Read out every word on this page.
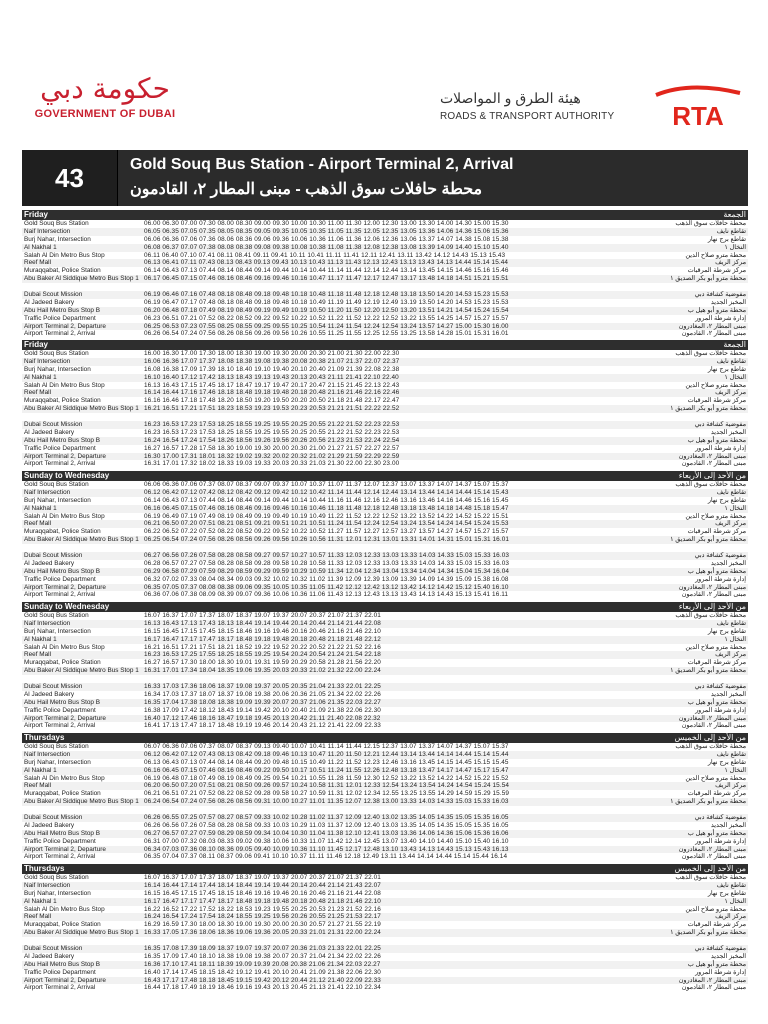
حكومة دبي
GOVERNMENT OF DUBAI
هيئة الطرق و المواصلات
ROADS & TRANSPORT AUTHORITY	RTA
43	Gold Souq Bus Station - Airport Terminal 2, Arrival
محطة حافلات سوق الذهب - مبنى المطار ٢، القادمون
Friday	الجمعة
Gold Souq Bus Station	06.00 06.30 07.00 07.30 08.00 08.30 09.00 09.30 10.00 10.30 11.00 11.30 12.00 12.30 13.00 13.30 14.00 14.30 15.00 15.30	محطة حافلات سوق الذهب
Naif Intersection	06.05 06.35 07.05 07.35 08.05 08.35 09.05 09.35 10.05 10.35 11.05 11.35 12.05 12.35 13.05 13.36 14.06 14.36 15.06 15.36	تقاطع نايف
Burj Nahar, Intersection	06.06 06.36 07.06 07.36 08.06 08.36 09.06 09.36 10.06 10.36 11.06 11.36 12.06 12.36 13.06 13.37 14.07 14.38 15.08 15.38	تقاطع برج نهار
Al Nakhal 1	06.08 06.37 07.07 07.38 08.08 08.38 09.08 09.38 10.08 10.38 11.08 11.38 12.08 12.38 13.08 13.39 14.09 14.40 15.10 15.40	النخال ١
Salah Al Din Metro Bus Stop	06.11 06.40 07.10 07.41 08.11 08.41 09.11 09.41 10.11 10.41 11.11 11.41 12.11 12.41 13.11 13.42 14.12 14.43 15.13 15.43	محطة مترو صلاح الدين
Reef Mall	06.13 06.41 07.11 07.43 08.13 08.43 09.13 09.43 10.13 10.43 11.13 11.43 12.13 12.43 13.13 13.43 14.13 14.44 15.14 15.44	مركز الريف
Muraqqabat, Police Station	06.14 06.43 07.13 07.44 08.14 08.44 09.14 09.44 10.14 10.44 11.14 11.44 12.14 12.44 13.14 13.45 14.15 14.46 15.16 15.46	مركز شرطة المرقبات
Abu Baker Al Siddique Metro Bus Stop 1 06.17 06.45 07.15 07.46 08.16 08.46 09.16 09.46 10.16 10.47 11.17 11.47 12.17 12.47 13.17 13.48 14.18 14.51 15.21 15.51	محطة مترو أبو بكر الصديق ١
Dubai Scout Mission	06.19 06.46 07.16 07.48 08.18 08.48 09.18 09.48 10.18 10.48 11.18 11.48 12.18 12.48 13.18 13.50 14.20 14.53 15.23 15.53	مفوضية كشافة دبي
Al Jadeed Bakery	06.19 06.47 07.17 07.48 08.18 08.48 09.18 09.48 10.18 10.49 11.19 11.49 12.19 12.49 13.19 13.50 14.20 14.53 15.23 15.53	المخبز الجديد
Abu Hail Metro Bus Stop B	06.20 06.48 07.18 07.49 08.19 08.49 09.19 09.49 10.19 10.50 11.20 11.50 12.20 12.50 13.20 13.51 14.21 14.54 15.24 15.54	محطة مترو أبو هيل ب
Traffic Police Department	06.23 06.51 07.21 07.52 08.22 08.52 09.22 09.52 10.22 10.52 11.22 11.52 12.22 12.52 13.22 13.55 14.25 14.57 15.27 15.57	إدارة شرطة المرور
Airport Terminal 2, Departure	06.25 06.53 07.23 07.55 08.25 08.55 09.25 09.55 10.25 10.54 11.24 11.54 12.24 12.54 13.24 13.57 14.27 15.00 15.30 16.00	مبنى المطار ٢، المغادرون
Airport Terminal 2, Arrival	06.26 06.54 07.24 07.56 08.26 08.56 09.26 09.56 10.26 10.55 11.25 11.55 12.25 12.55 13.25 13.58 14.28 15.01 15.31 16.01	مبنى المطار ٢، القادمون
Friday	الجمعة
Gold Souq Bus Station	16.00 16.30 17.00 17.30 18.00 18.30 19.00 19.30 20.00 20.30 21.00 21.30 22.00 22.30	محطة حافلات سوق الذهب
Naif Intersection	16.06 16.36 17.07 17.37 18.08 18.38 19.08 19.38 20.08 20.38 21.07 21.37 22.07 22.37	تقاطع نايف
Burj Nahar, Intersection	16.08 16.38 17.09 17.39 18.10 18.40 19.10 19.40 20.10 20.40 21.09 21.39 22.08 22.38	تقاطع برج نهار
Al Nakhal 1	16.10 16.40 17.12 17.42 18.13 18.43 19.13 19.43 20.13 20.43 21.11 21.41 22.10 22.40	النخال ١
Salah Al Din Metro Bus Stop	16.13 16.43 17.15 17.45 18.17 18.47 19.17 19.47 20.17 20.47 21.15 21.45 22.13 22.43	محطة مترو صلاح الدين
Reef Mall	16.14 16.44 17.16 17.46 18.18 18.48 19.18 19.48 20.18 20.48 21.16 21.46 22.16 22.46	مركز الريف
Muraqqabat, Police Station	16.16 16.46 17.18 17.48 18.20 18.50 19.20 19.50 20.20 20.50 21.18 21.48 22.17 22.47	مركز شرطة المرقبات
Abu Baker Al Siddique Metro Bus Stop 1 16.21 16.51 17.21 17.51 18.23 18.53 19.23 19.53 20.23 20.53 21.21 21.51 22.22 22.52	محطة مترو أبو بكر الصديق ١
Dubai Scout Mission	16.23 16.53 17.23 17.53 18.25 18.55 19.25 19.55 20.25 20.55 21.22 21.52 22.23 22.53	مفوضية كشافة دبي
Al Jadeed Bakery	16.23 16.53 17.23 17.53 18.25 18.55 19.25 19.55 20.25 20.55 21.22 21.52 22.23 22.53	المخبز الجديد
Abu Hail Metro Bus Stop B	16.24 16.54 17.24 17.54 18.26 18.56 19.26 19.56 20.26 20.56 21.23 21.53 22.24 22.54	محطة مترو أبو هيل ب
Traffic Police Department	16.27 16.57 17.28 17.58 18.30 19.00 19.30 20.00 20.30 21.00 21.27 21.57 22.27 22.57	إدارة شرطة المرور
Airport Terminal 2, Departure	16.30 17.00 17.31 18.01 18.32 19.02 19.32 20.02 20.32 21.02 21.29 21.59 22.29 22.59	مبنى المطار ٢، المغادرون
Airport Terminal 2, Arrival	16.31 17.01 17.32 18.02 18.33 19.03 19.33 20.03 20.33 21.03 21.30 22.00 22.30 23.00	مبنى المطار ٢، القادمون
Sunday to Wednesday	من الأحد إلى الأربعاء
Gold Souq Bus Station	06.06 06.36 07.06 07.37 08.07 08.37 09.07 09.37 10.07 10.37 11.07 11.37 12.07 12.37 13.07 13.37 14.07 14.37 15.07 15.37	محطة حافلات سوق الذهب
Naif Intersection	06.12 06.42 07.12 07.42 08.12 08.42 09.12 09.42 10.12 10.42 11.14 11.44 12.14 12.44 13.14 13.44 14.14 14.44 15.14 15.43	تقاطع نايف
Burj Nahar, Intersection	06.14 06.43 07.13 07.44 08.14 08.44 09.14 09.44 10.14 10.44 11.16 11.46 12.16 12.46 13.16 13.46 14.16 14.46 15.16 15.45	تقاطع برج نهار
Al Nakhal 1	06.16 06.45 07.15 07.46 08.16 08.46 09.16 09.46 10.16 10.46 11.18 11.48 12.18 12.48 13.18 13.48 14.18 14.48 15.18 15.47	النخال ١
Salah Al Din Metro Bus Stop	06.19 06.49 07.19 07.49 08.19 08.49 09.19 09.49 10.19 10.49 11.22 11.52 12.22 12.52 13.22 13.52 14.22 14.52 15.22 15.51	محطة مترو صلاح الدين
Reef Mall	06.21 06.50 07.20 07.51 08.21 08.51 09.21 09.51 10.21 10.51 11.24 11.54 12.24 12.54 13.24 13.54 14.24 14.54 15.24 15.53	مركز الريف
Muraqqabat, Police Station	06.22 06.52 07.22 07.52 08.22 08.52 09.22 09.52 10.22 10.52 11.27 11.57 12.27 12.57 13.27 13.57 14.27 14.57 15.27 15.57	مركز شرطة المرقبات
Abu Baker Al Siddique Metro Bus Stop 1 06.25 06.54 07.24 07.56 08.26 08.56 09.26 09.56 10.26 10.56 11.31 12.01 12.31 13.01 13.31 14.01 14.31 15.01 15.31 16.01	محطة مترو أبو بكر الصديق ١
Dubai Scout Mission	06.27 06.56 07.26 07.58 08.28 08.58 09.27 09.57 10.27 10.57 11.33 12.03 12.33 13.03 13.33 14.03 14.33 15.03 15.33 16.03	مفوضية كشافة دبي
Al Jadeed Bakery	06.28 06.57 07.27 07.58 08.28 08.58 09.28 09.58 10.28 10.58 11.33 12.03 12.33 13.03 13.33 14.03 14.33 15.03 15.33 16.03	المخبز الجديد
Abu Hail Metro Bus Stop B	06.29 06.58 07.29 07.59 08.29 08.59 09.29 09.59 10.29 10.59 11.34 12.04 12.34 13.04 13.34 14.04 14.34 15.04 15.34 16.04	محطة مترو أبو هيل ب
Traffic Police Department	06.32 07.02 07.33 08.04 08.34 09.03 09.32 10.02 10.32 11.02 11.39 12.09 12.39 13.09 13.39 14.09 14.39 15.09 15.38 16.08	إدارة شرطة المرور
Airport Terminal 2, Departure	06.35 07.05 07.37 08.08 08.38 09.06 09.35 10.05 10.35 11.05 11.42 12.12 12.42 13.12 13.42 14.12 14.42 15.12 15.40 16.10	مبنى المطار ٢، المغادرون
Airport Terminal 2, Arrival	06.36 07.06 07.38 08.09 08.39 09.07 09.36 10.06 10.36 11.06 11.43 12.13 12.43 13.13 13.43 14.13 14.43 15.13 15.41 16.11	مبنى المطار ٢، القادمون
Sunday to Wednesday	من الأحد إلى الأربعاء
Gold Souq Bus Station	16.07 16.37 17.07 17.37 18.07 18.37 19.07 19.37 20.07 20.37 21.07 21.37 22.01	محطة حافلات سوق الذهب
Naif Intersection	16.13 16.43 17.13 17.43 18.13 18.44 19.14 19.44 20.14 20.44 21.14 21.44 22.08	تقاطع نايف
Burj Nahar, Intersection	16.15 16.45 17.15 17.45 18.15 18.46 19.16 19.46 20.16 20.46 21.16 21.46 22.10	تقاطع برج نهار
Al Nakhal 1	16.17 16.47 17.17 17.47 18.17 18.48 19.18 19.48 20.18 20.48 21.18 21.48 22.12	النخال ١
Salah Al Din Metro Bus Stop	16.21 16.51 17.21 17.51 18.21 18.52 19.22 19.52 20.22 20.52 21.22 21.52 22.16	محطة مترو صلاح الدين
Reef Mall	16.23 16.53 17.25 17.55 18.25 18.55 19.25 19.54 20.24 20.54 21.24 21.54 22.18	مركز الريف
Muraqqabat, Police Station	16.27 16.57 17.30 18.00 18.30 19.01 19.31 19.59 20.29 20.58 21.28 21.56 22.20	مركز شرطة المرقبات
Abu Baker Al Siddique Metro Bus Stop 1 16.31 17.01 17.34 18.04 18.35 19.06 19.35 20.03 20.33 21.02 21.32 22.00 22.24	محطة مترو أبو بكر الصديق ١
Dubai Scout Mission	16.33 17.03 17.36 18.06 18.37 19.08 19.37 20.05 20.35 21.04 21.33 22.01 22.25	مفوضية كشافة دبي
Al Jadeed Bakery	16.34 17.03 17.37 18.07 18.37 19.08 19.38 20.06 20.36 21.05 21.34 22.02 22.26	المخبز الجديد
Abu Hail Metro Bus Stop B	16.35 17.04 17.38 18.08 18.38 19.09 19.39 20.07 20.37 21.06 21.35 22.03 22.27	محطة مترو أبو هيل ب
Traffic Police Department	16.38 17.09 17.42 18.12 18.43 19.14 19.42 20.10 20.40 21.09 21.38 22.06 22.30	إدارة شرطة المرور
Airport Terminal 2, Departure	16.40 17.12 17.46 18.16 18.47 19.18 19.45 20.13 20.42 21.11 21.40 22.08 22.32	مبنى المطار ٢، المغادرون
Airport Terminal 2, Arrival	16.41 17.13 17.47 18.17 18.48 19.19 19.46 20.14 20.43 21.12 21.41 22.09 22.33	مبنى المطار ٢، القادمون
Thursdays	من الأحد إلى الخميس
Gold Souq Bus Station	06.07 06.36 07.06 07.37 08.07 08.37 09.13 09.40 10.07 10.41 11.14 11.44 12.15 12.37 13.07 13.37 14.07 14.37 15.07 15.37	محطة حافلات سوق الذهب
Naif Intersection	06.12 06.42 07.12 07.43 08.13 08.42 09.18 09.46 10.13 10.47 11.20 11.50 12.21 12.44 13.14 13.44 14.14 14.44 15.14 15.44	تقاطع نايف
Burj Nahar, Intersection	06.13 06.43 07.13 07.44 08.14 08.44 09.20 09.48 10.15 10.49 11.22 11.52 12.23 12.46 13.16 13.45 14.15 14.45 15.15 15.45	تقاطع برج نهار
Al Nakhal 1	06.16 06.45 07.15 07.46 08.16 08.46 09.22 09.50 10.17 10.51 11.24 11.55 12.26 12.48 13.18 13.47 14.17 14.47 15.17 15.47	النخال ١
Salah Al Din Metro Bus Stop	06.19 06.48 07.18 07.49 08.19 08.49 09.25 09.54 10.21 10.55 11.28 11.59 12.30 12.52 13.22 13.52 14.22 14.52 15.22 15.52	محطة مترو صلاح الدين
Reef Mall	06.20 06.50 07.20 07.51 08.21 08.50 09.26 09.57 10.24 10.58 11.31 12.01 12.33 12.54 13.24 13.54 14.24 14.54 15.24 15.54	مركز الريف
Muraqqabat, Police Station	06.21 06.51 07.21 07.52 08.22 08.52 09.28 09.58 10.27 10.59 11.31 12.02 12.34 12.55 13.25 13.55 14.29 14.59 15.29 15.59	مركز شرطة المرقبات
Abu Baker Al Siddique Metro Bus Stop 1 06.24 06.54 07.24 07.56 08.26 08.56 09.31 10.00 10.27 11.01 11.35 12.07 12.38 13.00 13.33 14.03 14.33 15.03 15.33 16.03	محطة مترو أبو بكر الصديق ١
Dubai Scout Mission	06.26 06.55 07.25 07.57 08.27 08.57 09.33 10.02 10.28 11.02 11.37 12.09 12.40 13.02 13.35 14.05 14.35 15.05 15.35 16.05	مفوضية كشافة دبي
Al Jadeed Bakery	06.26 06.56 07.26 07.58 08.28 08.58 09.33 10.03 10.29 11.03 11.37 12.09 12.40 13.03 13.35 14.05 14.35 15.05 15.35 16.05	المخبز الجديد
Abu Hail Metro Bus Stop B	06.27 06.57 07.27 07.59 08.29 08.59 09.34 10.04 10.30 11.04 11.38 12.10 12.41 13.03 13.36 14.06 14.36 15.06 15.36 16.06	محطة مترو أبو هيل ب
Traffic Police Department	06.31 07.00 07.32 08.03 08.33 09.02 09.38 10.06 10.33 11.07 11.42 12.14 12.45 13.07 13.40 14.10 14.40 15.10 15.40 16.10	إدارة شرطة المرور
Airport Terminal 2, Departure	06.34 07.03 07.36 08.10 08.36 09.05 09.40 10.09 10.36 11.10 11.45 12.17 12.48 13.10 13.43 14.13 14.43 15.13 15.43 16.13	مبنى المطار ٢، المغادرون
Airport Terminal 2, Arrival	06.35 07.04 07.37 08.11 08.37 09.06 09.41 10.10 10.37 11.11 11.46 12.18 12.49 13.11 13.44 14.14 14.44 15.14 15.44 16.14	مبنى المطار ٢، القادمون
Thursdays	من الأحد إلى الخميس
Gold Souq Bus Station	16.07 16.37 17.07 17.37 18.07 18.37 19.07 19.37 20.07 20.37 21.07 21.37 22.01	محطة حافلات سوق الذهب
Naif Intersection	16.14 16.44 17.14 17.44 18.14 18.44 19.14 19.44 20.14 20.44 21.14 21.43 22.07	تقاطع نايف
Burj Nahar, Intersection	16.15 16.45 17.15 17.45 18.15 18.46 19.16 19.46 20.16 20.46 21.16 21.44 22.08	تقاطع برج نهار
Al Nakhal 1	16.17 16.47 17.17 17.47 18.17 18.48 19.18 19.48 20.18 20.48 21.18 21.46 22.10	النخال ١
Salah Al Din Metro Bus Stop	16.22 16.52 17.22 17.52 18.22 18.53 19.23 19.55 20.25 20.53 21.23 21.52 22.16	محطة مترو صلاح الدين
Reef Mall	16.24 16.54 17.24 17.54 18.24 18.55 19.25 19.56 20.26 20.55 21.25 21.53 22.17	مركز الريف
Muraqqabat, Police Station	16.29 16.59 17.30 18.00 18.30 19.00 19.30 20.00 20.30 20.57 21.27 21.55 22.19	مركز شرطة المرقبات
Abu Baker Al Siddique Metro Bus Stop 1 16.33 17.05 17.36 18.06 18.36 19.06 19.36 20.05 20.33 21.01 21.31 22.00 22.24	محطة مترو أبو بكر الصديق ١
Dubai Scout Mission	16.35 17.08 17.39 18.09 18.37 19.07 19.37 20.07 20.36 21.03 21.33 22.01 22.25	مفوضية كشافة دبي
Al Jadeed Bakery	16.35 17.09 17.40 18.10 18.38 19.08 19.38 20.07 20.37 21.04 21.34 22.02 22.26	المخبز الجديد
Abu Hail Metro Bus Stop B	16.36 17.10 17.41 18.11 18.39 19.09 19.39 20.08 20.38 21.06 21.34 22.03 22.27	محطة مترو أبو هيل ب
Traffic Police Department	16.40 17.14 17.45 18.15 18.42 19.12 19.41 20.10 20.41 21.09 21.38 22.06 22.30	إدارة شرطة المرور
Airport Terminal 2, Departure	16.43 17.17 17.48 18.18 18.45 19.15 19.42 20.12 20.44 21.12 21.40 22.09 22.33	مبنى المطار ٢، المغادرون
Airport Terminal 2, Arrival	16.44 17.18 17.49 18.19 18.46 19.16 19.43 20.13 20.45 21.13 21.41 22.10 22.34	مبنى المطار ٢، القادمون
